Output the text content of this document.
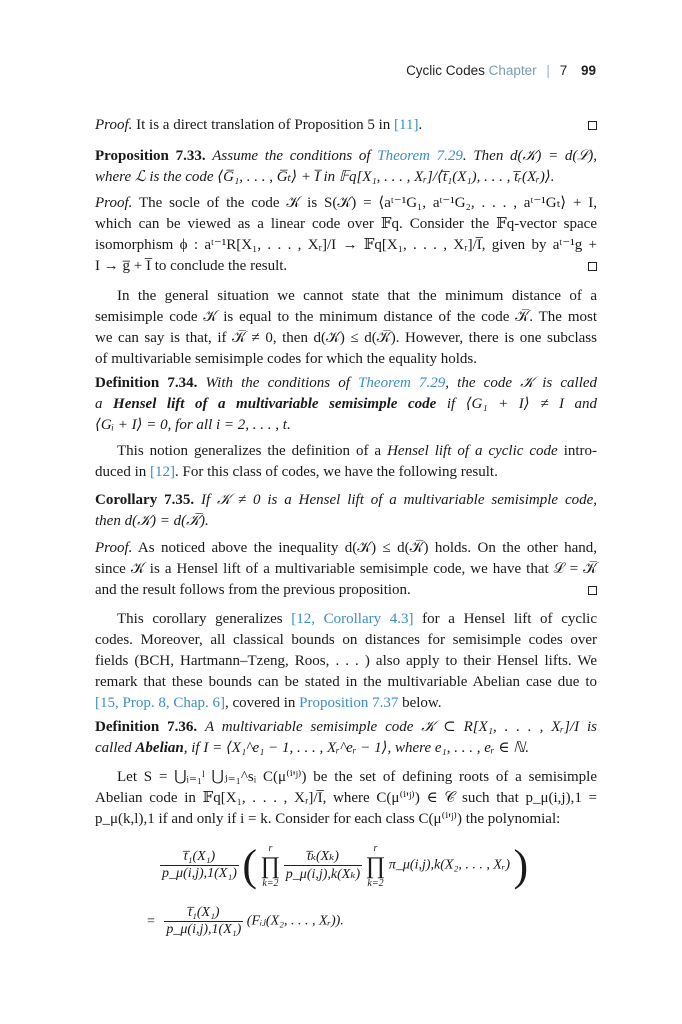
Cyclic Codes Chapter | 7 99
Proof. It is a direct translation of Proposition 5 in [11].
Proposition 7.33. Assume the conditions of Theorem 7.29. Then d(𝒦) = d(ℒ),
where ℒ is the code ⟨G̅₁, . . . , G̅ₜ⟩ + I̅ in 𝔽q[X₁, . . . , Xᵣ]/⟨t̅₁(X₁), . . . , t̅ᵣ(Xᵣ)⟩.
Proof. The socle of the code 𝒦 is S(𝒦) = ⟨aᵗ⁻¹G₁, aᵗ⁻¹G₂, . . . , aᵗ⁻¹Gₜ⟩ + I,
which can be viewed as a linear code over 𝔽q. Consider the 𝔽q-vector space
isomorphism ϕ : aᵗ⁻¹R[X₁, . . . , Xᵣ]/I → 𝔽q[X₁, . . . , Xᵣ]/I̅, given by aᵗ⁻¹g +
I → g̅ + I̅ to conclude the result.
In the general situation we cannot state that the minimum distance of a
semisimple code 𝒦 is equal to the minimum distance of the code 𝒦̅. The most
we can say is that, if 𝒦̅ ≠ 0, then d(𝒦) ≤ d(𝒦̅). However, there is one subclass
of multivariable semisimple codes for which the equality holds.
Definition 7.34. With the conditions of Theorem 7.29, the code 𝒦 is called
a Hensel lift of a multivariable semisimple code if ⟨G₁ + I⟩ ≠ I and
⟨Gᵢ + I⟩ = 0, for all i = 2, . . . , t.
This notion generalizes the definition of a Hensel lift of a cyclic code intro-
duced in [12]. For this class of codes, we have the following result.
Corollary 7.35. If 𝒦 ≠ 0 is a Hensel lift of a multivariable semisimple code,
then d(𝒦) = d(𝒦̅).
Proof. As noticed above the inequality d(𝒦) ≤ d(𝒦̅) holds. On the other hand,
since 𝒦 is a Hensel lift of a multivariable semisimple code, we have that ℒ = 𝒦̅
and the result follows from the previous proposition.
This corollary generalizes [12, Corollary 4.3] for a Hensel lift of cyclic
codes. Moreover, all classical bounds on distances for semisimple codes over
fields (BCH, Hartmann–Tzeng, Roos, . . . ) also apply to their Hensel lifts. We
remark that these bounds can be stated in the multivariable Abelian case due to
[15, Prop. 8, Chap. 6], covered in Proposition 7.37 below.
Definition 7.36. A multivariable semisimple code 𝒦 ⊂ R[X₁, . . . , Xᵣ]/I is
called Abelian, if I = ⟨X₁^e₁ − 1, . . . , Xᵣ^eᵣ − 1⟩, where e₁, . . . , eᵣ ∈ ℕ.
Let S = ⋃ᵢ₌₁ˡ ⋃ⱼ₌₁^sᵢ C(μ⁽ⁱ'ʲ⁾) be the set of defining roots of a semisimple
Abelian code in 𝔽q[X₁, . . . , Xᵣ]/I̅, where C(μ⁽ⁱ'ʲ⁾) ∈ 𝒞 such that p_μ(i,j),1 =
p_μ(k,l),1 if and only if i = k. Consider for each class C(μ⁽ⁱ'ʲ⁾) the polynomial:
$\frac{\text{t̅₁(X₁)}}{\text{p\_μ(i,j),1(X₁)}}$ ( r
∏
$k=2 \frac{\text{t̅ₖ(Xₖ)}}{\text{p\_μ(i,j),k(Xₖ)}}$ r
∏
k=2 π_μ(i,j),k(X₂, . . . , Xᵣ) )
= $\frac{\text{t̅₁(X₁)}}{\text{p\_μ(i,j),1(X₁)}}$ (Fᵢⱼ(X₂, . . . , Xᵣ)).
